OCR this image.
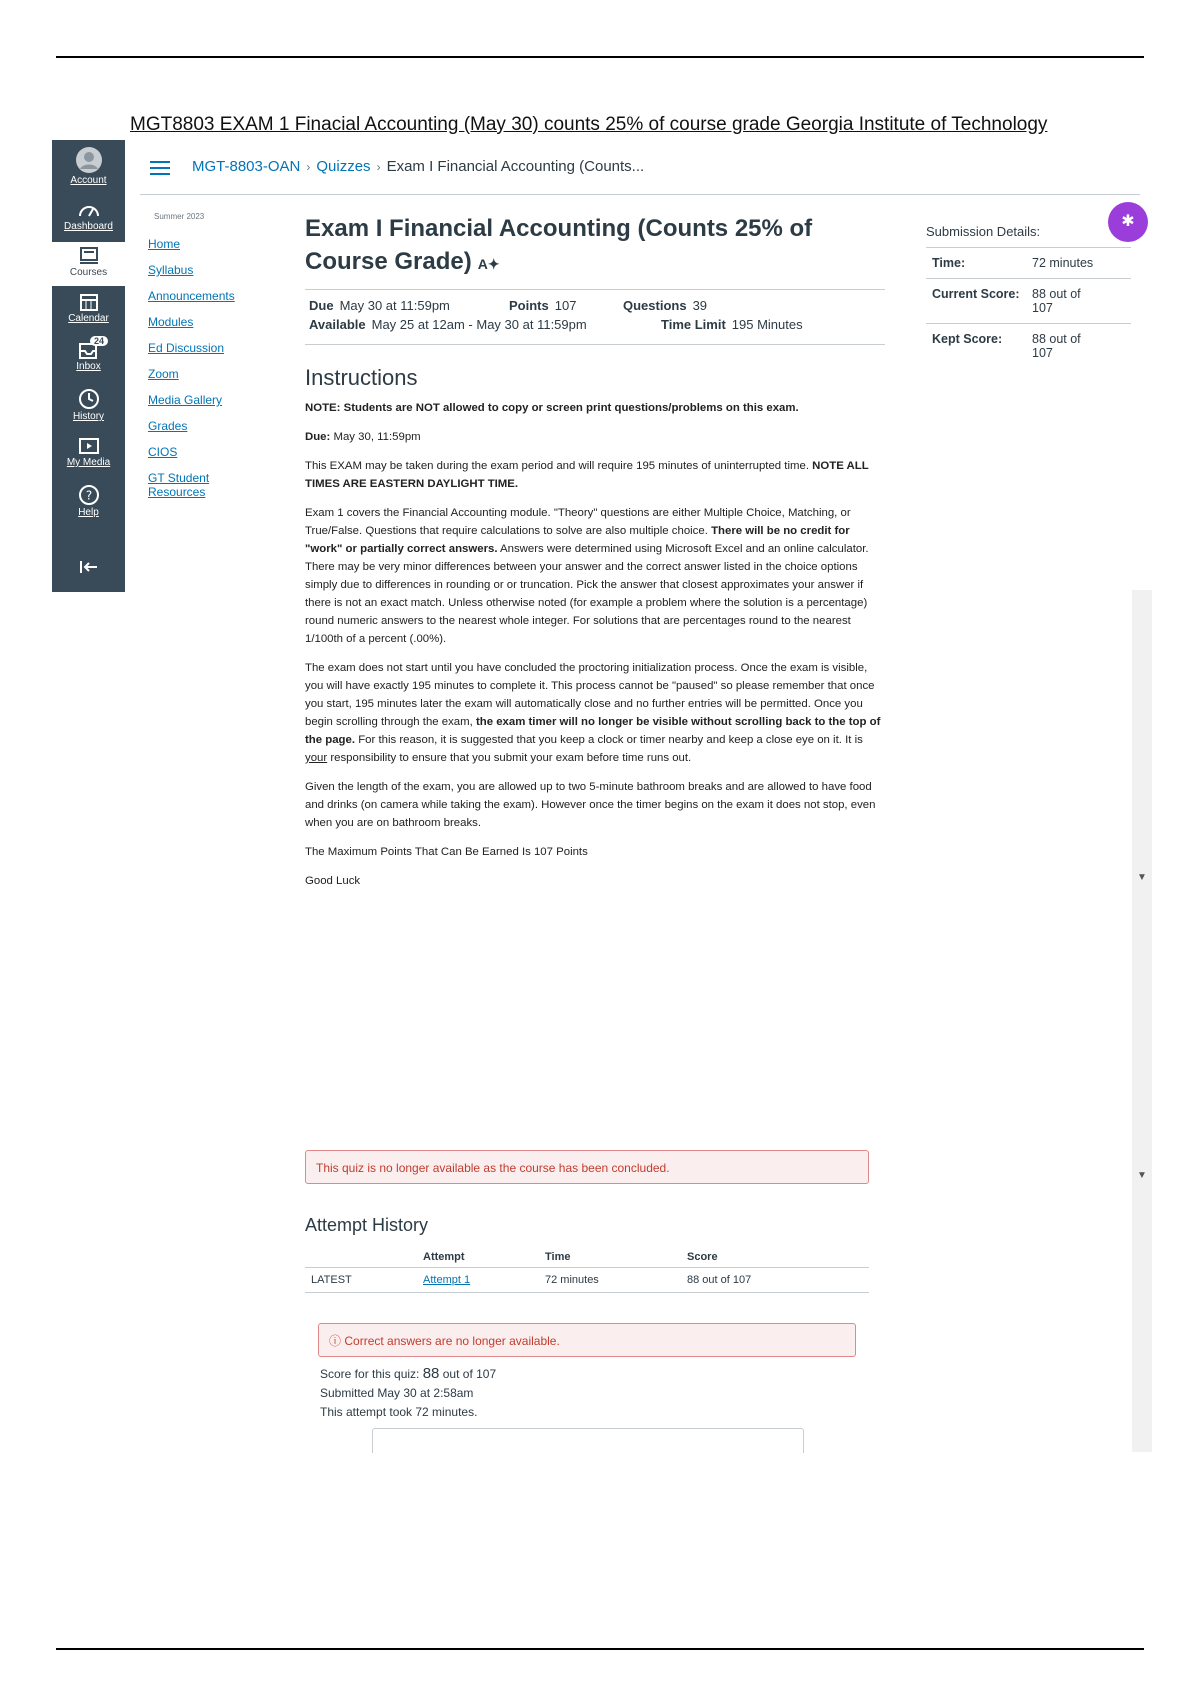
MGT8803 EXAM 1 Finacial Accounting (May 30) counts 25% of course grade Georgia Institute of Technology
Account
Dashboard
Courses
Calendar
24
Inbox
History
My Media
?
Help
MGT-8803-OAN › Quizzes › Exam I Financial Accounting (Counts...
Summer 2023
Home
Syllabus
Announcements
Modules
Ed Discussion
Zoom
Media Gallery
Grades
CIOS
GT Student Resources
Exam I Financial Accounting (Counts 25% of Course Grade) A✦
Due May 30 at 11:59pm	Points 107	Questions 39
Available May 25 at 12am - May 30 at 11:59pm	Time Limit 195 Minutes
Instructions

NOTE: Students are NOT allowed to copy or screen print questions/problems on this exam.

Due: May 30, 11:59pm

This EXAM may be taken during the exam period and will require 195 minutes of uninterrupted time. NOTE ALL TIMES ARE EASTERN DAYLIGHT TIME.

Exam 1 covers the Financial Accounting module. "Theory" questions are either Multiple Choice, Matching, or True/False. Questions that require calculations to solve are also multiple choice. There will be no credit for "work" or partially correct answers. Answers were determined using Microsoft Excel and an online calculator. There may be very minor differences between your answer and the correct answer listed in the choice options simply due to differences in rounding or or truncation. Pick the answer that closest approximates your answer if there is not an exact match. Unless otherwise noted (for example a problem where the solution is a percentage) round numeric answers to the nearest whole integer. For solutions that are percentages round to the nearest 1/100th of a percent (.00%).

The exam does not start until you have concluded the proctoring initialization process. Once the exam is visible, you will have exactly 195 minutes to complete it. This process cannot be "paused" so please remember that once you start, 195 minutes later the exam will automatically close and no further entries will be permitted. Once you begin scrolling through the exam, the exam timer will no longer be visible without scrolling back to the top of the page. For this reason, it is suggested that you keep a clock or timer nearby and keep a close eye on it. It is your responsibility to ensure that you submit your exam before time runs out.

Given the length of the exam, you are allowed up to two 5-minute bathroom breaks and are allowed to have food and drinks (on camera while taking the exam). However once the timer begins on the exam it does not stop, even when you are on bathroom breaks.

The Maximum Points That Can Be Earned Is 107 Points

Good Luck

This quiz is no longer available as the course has been concluded.
Attempt History
	Attempt	Time	Score
LATEST	Attempt 1	72 minutes	88 out of 107
ⓘ Correct answers are no longer available.
Score for this quiz: 88 out of 107
Submitted May 30 at 2:58am
This attempt took 72 minutes.
✱
Submission Details:
Time:	72 minutes
Current Score: 88 out of 107
Kept Score: 88 out of 107
▼
▼
